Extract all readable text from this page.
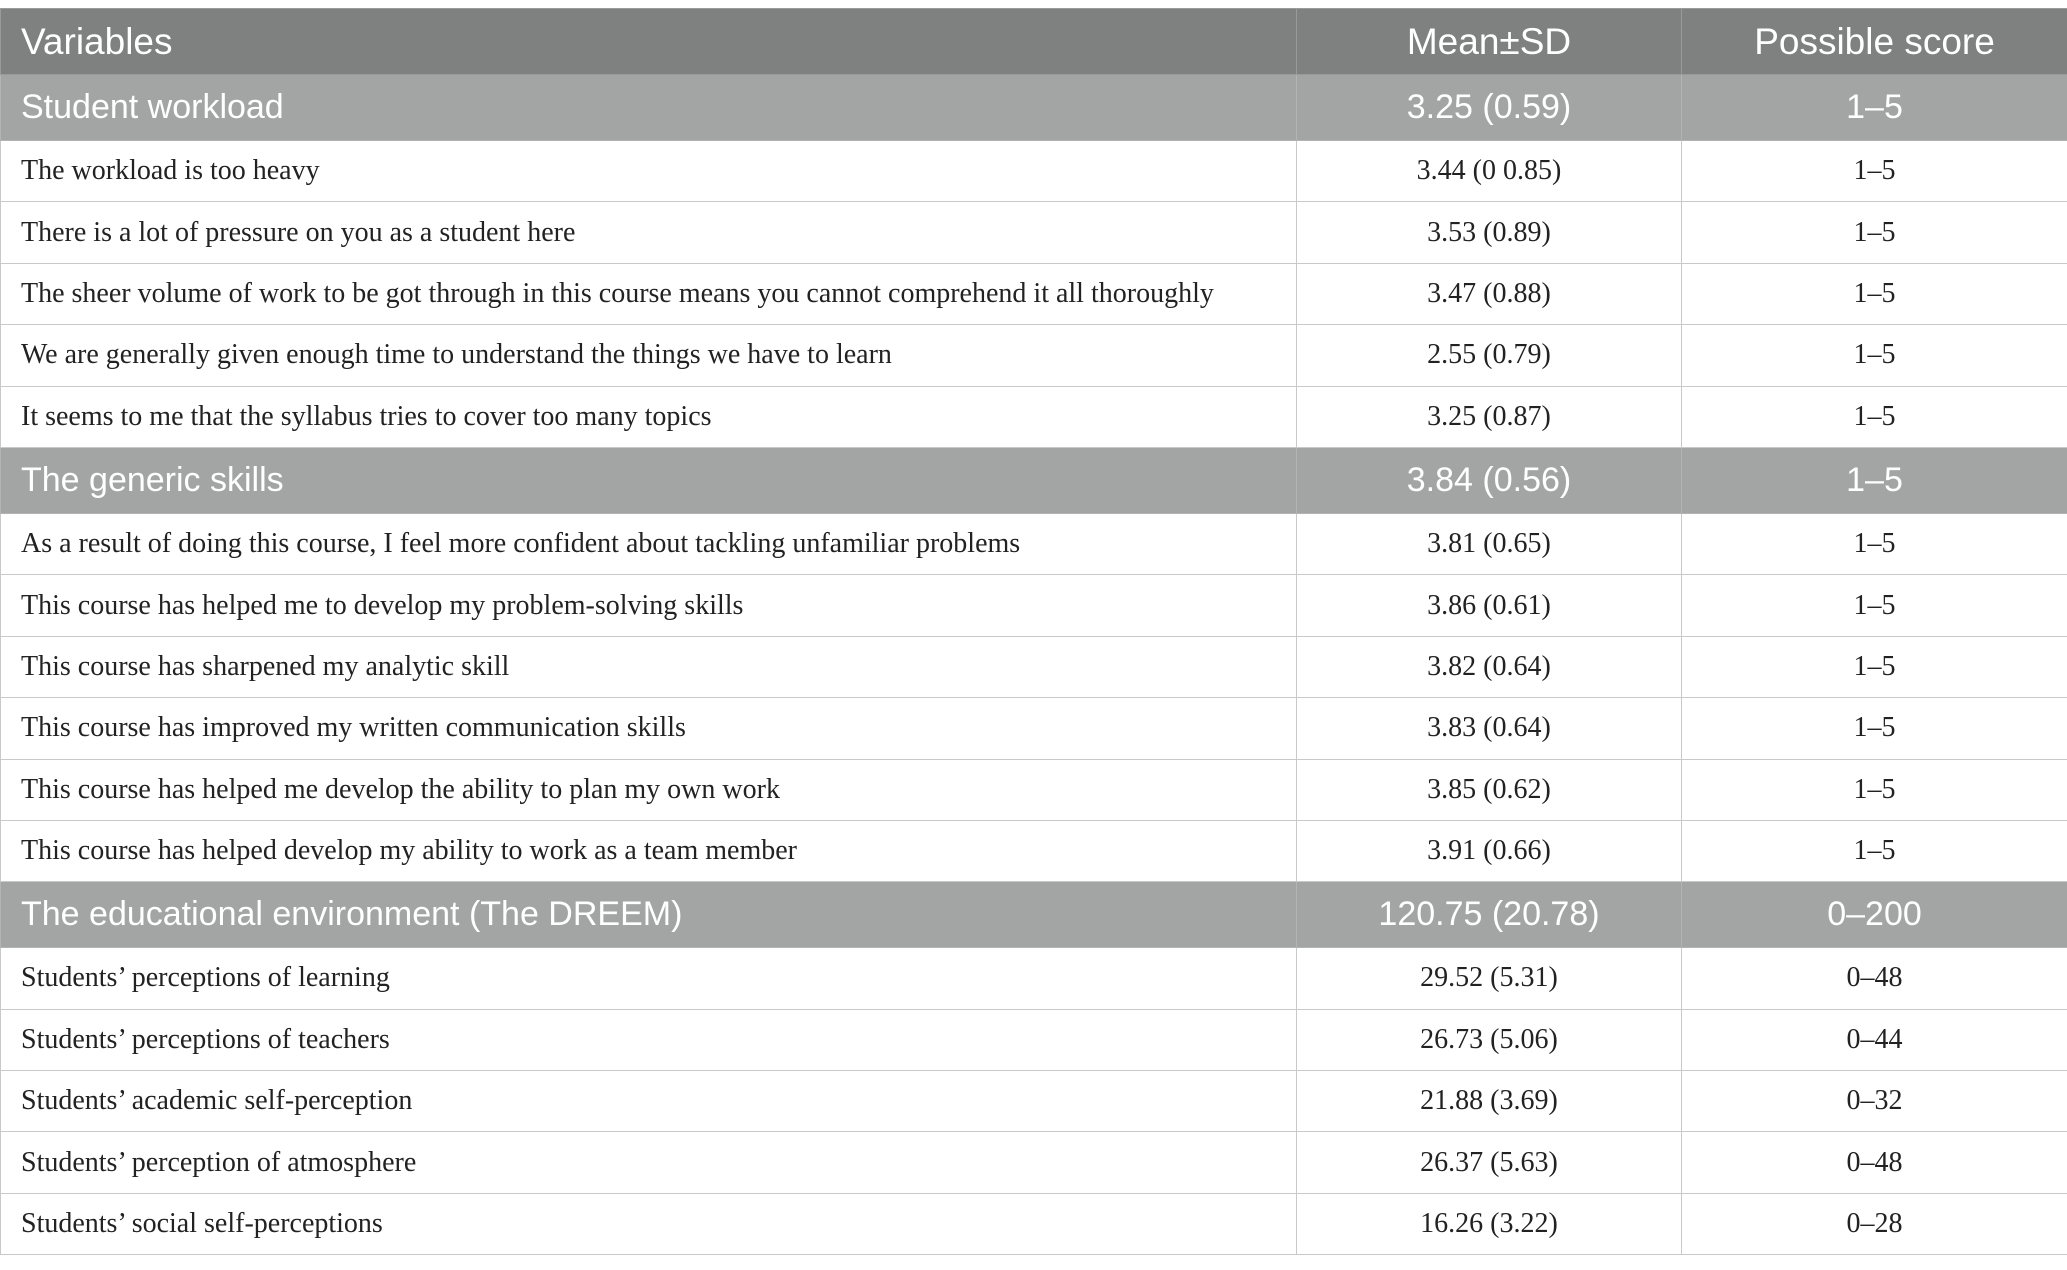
Variables	Mean±SD	Possible score
Student workload	3.25 (0.59)	1–5
The workload is too heavy	3.44 (0 0.85)	1–5
There is a lot of pressure on you as a student here	3.53 (0.89)	1–5
The sheer volume of work to be got through in this course means you cannot comprehend it all thoroughly	3.47 (0.88)	1–5
We are generally given enough time to understand the things we have to learn	2.55 (0.79)	1–5
It seems to me that the syllabus tries to cover too many topics	3.25 (0.87)	1–5
The generic skills	3.84 (0.56)	1–5
As a result of doing this course, I feel more confident about tackling unfamiliar problems	3.81 (0.65)	1–5
This course has helped me to develop my problem-solving skills	3.86 (0.61)	1–5
This course has sharpened my analytic skill	3.82 (0.64)	1–5
This course has improved my written communication skills	3.83 (0.64)	1–5
This course has helped me develop the ability to plan my own work	3.85 (0.62)	1–5
This course has helped develop my ability to work as a team member	3.91 (0.66)	1–5
The educational environment (The DREEM)	120.75 (20.78)	0–200
Students’ perceptions of learning	29.52 (5.31)	0–48
Students’ perceptions of teachers	26.73 (5.06)	0–44
Students’ academic self-perception	21.88 (3.69)	0–32
Students’ perception of atmosphere	26.37 (5.63)	0–48
Students’ social self-perceptions	16.26 (3.22)	0–28
